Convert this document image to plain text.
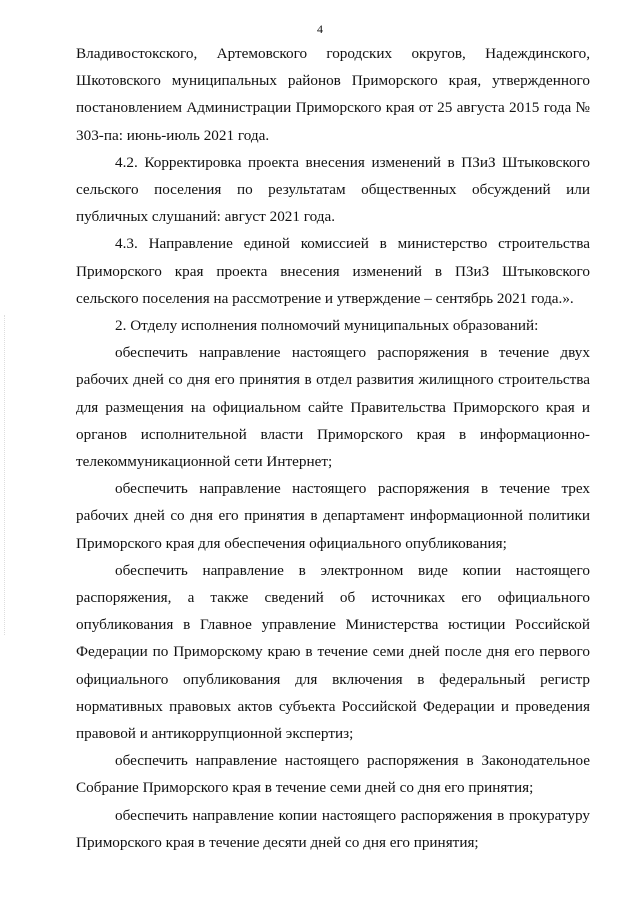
4

Владивостокского, Артемовского городских округов, Надеждинского, Шкотовского муниципальных районов Приморского края, утвержденного постановлением Администрации Приморского края от 25 августа 2015 года № 303-па: июнь-июль 2021 года.

4.2. Корректировка проекта внесения изменений в ПЗиЗ Штыковского сельского поселения по результатам общественных обсуждений или публичных слушаний: август 2021 года.

4.3. Направление единой комиссией в министерство строительства Приморского края проекта внесения изменений в ПЗиЗ Штыковского сельского поселения на рассмотрение и утверждение – сентябрь 2021 года.».

2. Отделу исполнения полномочий муниципальных образований:

обеспечить направление настоящего распоряжения в течение двух рабочих дней со дня его принятия в отдел развития жилищного строительства для размещения на официальном сайте Правительства Приморского края и органов исполнительной власти Приморского края в информационно-телекоммуникационной сети Интернет;

обеспечить направление настоящего распоряжения в течение трех рабочих дней со дня его принятия в департамент информационной политики Приморского края для обеспечения официального опубликования;

обеспечить направление в электронном виде копии настоящего распоряжения, а также сведений об источниках его официального опубликования в Главное управление Министерства юстиции Российской Федерации по Приморскому краю в течение семи дней после дня его первого официального опубликования для включения в федеральный регистр нормативных правовых актов субъекта Российской Федерации и проведения правовой и антикоррупционной экспертиз;

обеспечить направление настоящего распоряжения в Законодательное Собрание Приморского края в течение семи дней со дня его принятия;

обеспечить направление копии настоящего распоряжения в прокуратуру Приморского края в течение десяти дней со дня его принятия;
